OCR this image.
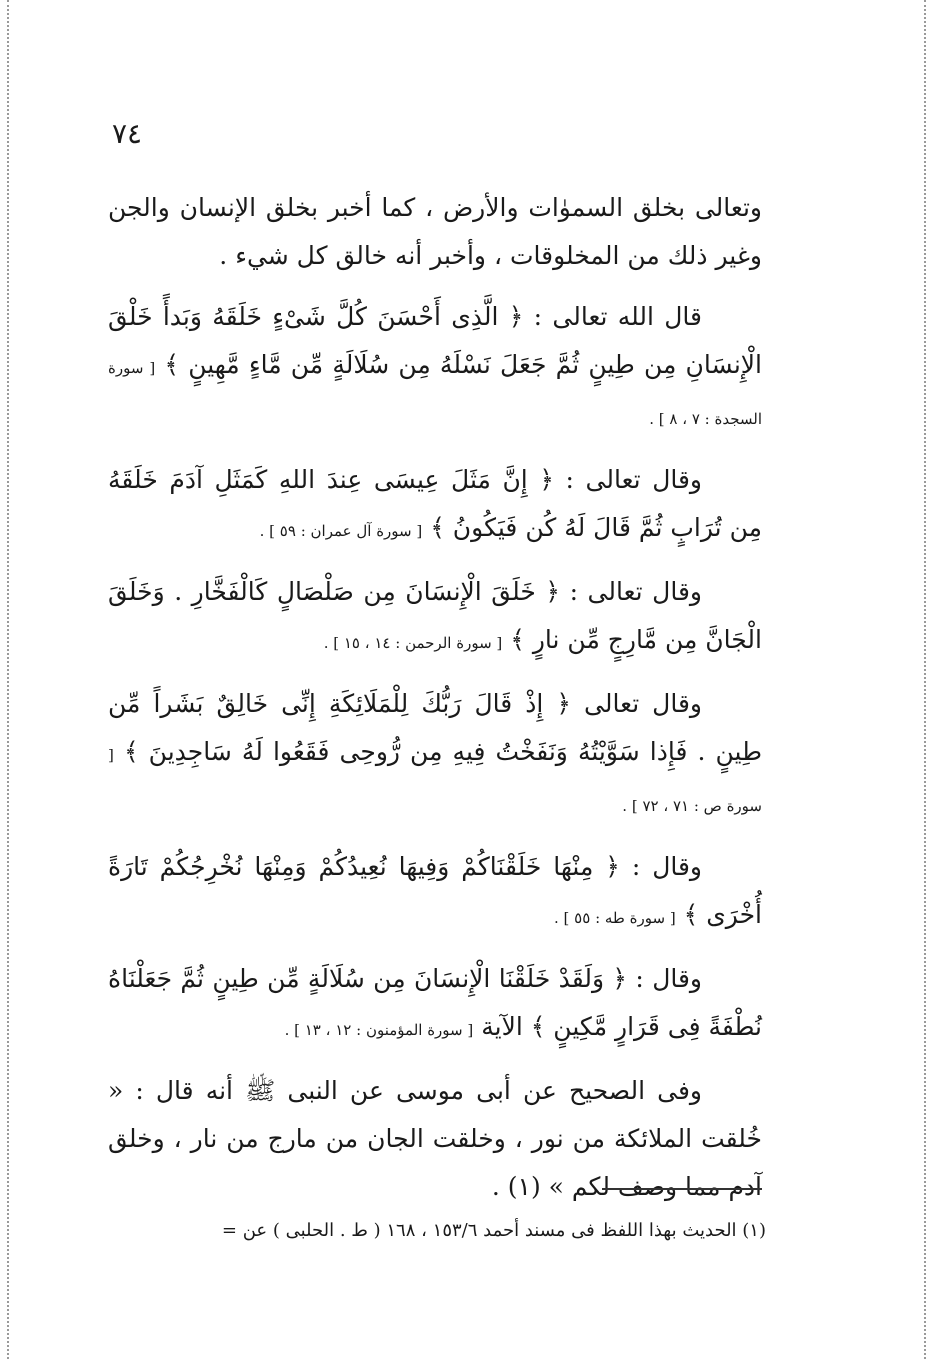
٧٤

وتعالى بخلق السموٰات والأرض ، كما أخبر بخلق الإنسان والجن وغير ذلك من المخلوقات ، وأخبر أنه خالق كل شيء .

قال الله تعالى : ﴿ الَّذِى أَحْسَنَ كُلَّ شَىْءٍ خَلَقَهُ وَبَدأً خَلْقَ الْإِنسَانِ مِن طِينٍ ثُمَّ جَعَلَ نَسْلَهُ مِن سُلَالَةٍ مِّن مَّاءٍ مَّهِينٍ ﴾ [ سورة السجدة : ٧ ، ٨ ] .

وقال تعالى : ﴿ إِنَّ مَثَلَ عِيسَى عِندَ اللهِ كَمَثَلِ آدَمَ خَلَقَهُ مِن تُرَابٍ ثُمَّ قَالَ لَهُ كُن فَيَكُونُ ﴾ [ سورة آل عمران : ٥٩ ] .

وقال تعالى : ﴿ خَلَقَ الْإِنسَانَ مِن صَلْصَالٍ كَالْفَخَّارِ . وَخَلَقَ الْجَانَّ مِن مَّارِجٍ مِّن نارٍ ﴾ [ سورة الرحمن : ١٤ ، ١٥ ] .

وقال تعالى ﴿ إِذْ قَالَ رَبُّكَ لِلْمَلَائِكَةِ إِنِّى خَالِقٌ بَشَراً مِّن طِينٍ . فَإِذا سَوَّيْتُهُ وَنَفَخْتُ فِيهِ مِن رُّوحِى فَقَعُوا لَهُ سَاجِدِينَ ﴾ [ سورة ص : ٧١ ، ٧٢ ] .

وقال : ﴿ مِنْهَا خَلَقْنَاكُمْ وَفِيهَا نُعِيدُكُمْ وَمِنْهَا نُخْرِجُكُمْ تَارَةً أُخْرَى ﴾ [ سورة طه : ٥٥ ] .

وقال : ﴿ وَلَقَدْ خَلَقْنَا الْإِنسَانَ مِن سُلَالَةٍ مِّن طِينٍ ثُمَّ جَعَلْنَاهُ نُطْفَةً فِى قَرَارٍ مَّكِينٍ ﴾ الآية [ سورة المؤمنون : ١٢ ، ١٣ ] .

وفى الصحيح عن أبى موسى عن النبى ﷺ أنه قال : « خُلقت الملائكة من نور ، وخلقت الجان من مارج من نار ، وخلق آدم مما وصف لكم » (١) .

(١) الحديث بهذا اللفظ فى مسند أحمد ١٥٣/٦ ، ١٦٨ ( ط . الحلبى ) عن =
